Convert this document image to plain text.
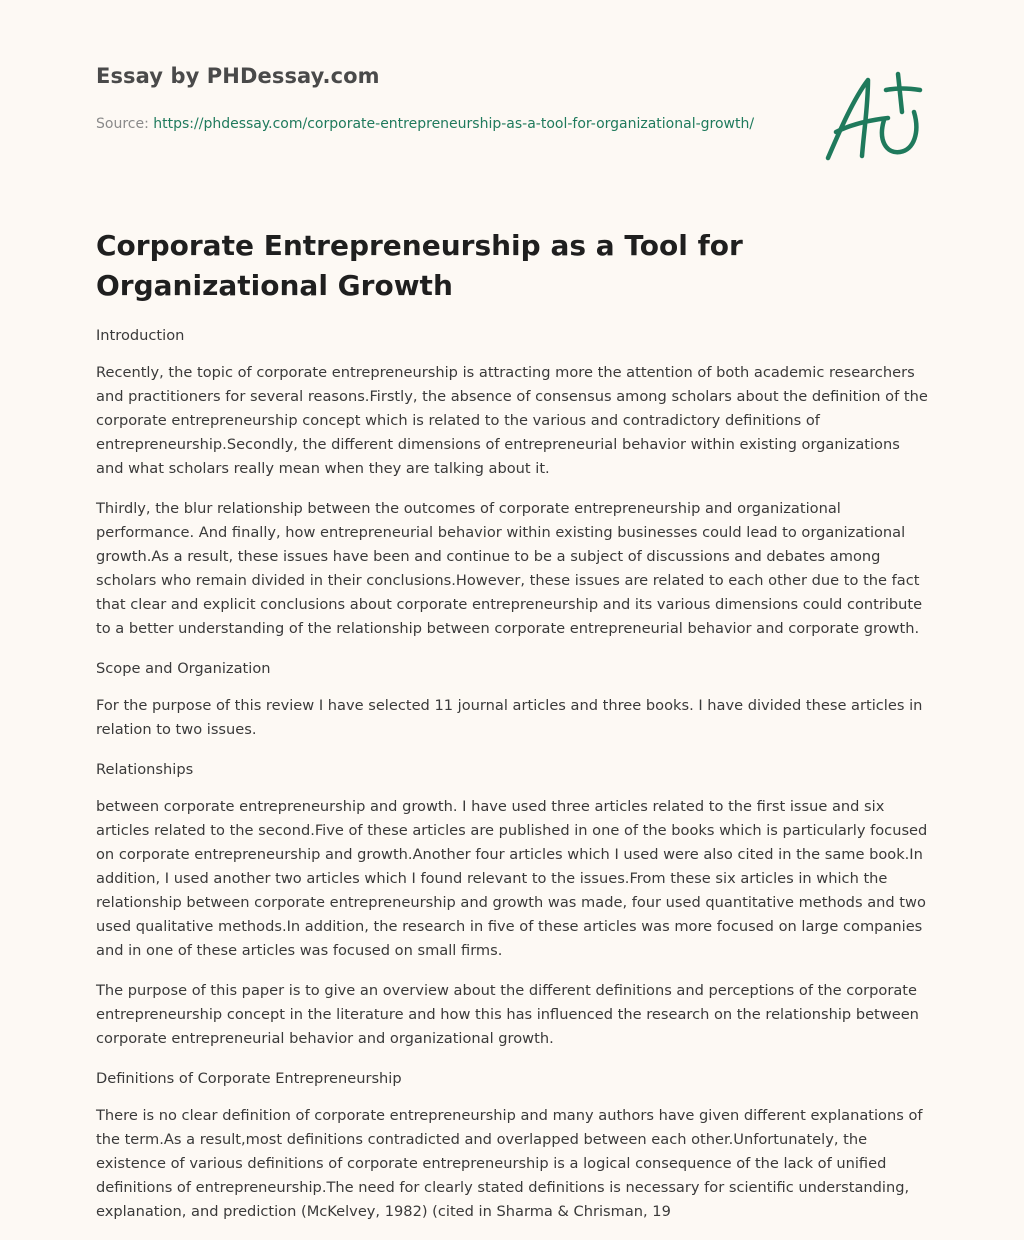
Essay by PHDessay.com
Source: https://phdessay.com/corporate-entrepreneurship-as-a-tool-for-organizational-growth/
Corporate Entrepreneurship as a Tool for Organizational Growth

Introduction

Recently, the topic of corporate entrepreneurship is attracting more the attention of both academic researchers and practitioners for several reasons.Firstly, the absence of consensus among scholars about the definition of the corporate entrepreneurship concept which is related to the various and contradictory definitions of entrepreneurship.Secondly, the different dimensions of entrepreneurial behavior within existing organizations and what scholars really mean when they are talking about it.

Thirdly, the blur relationship between the outcomes of corporate entrepreneurship and organizational performance. And finally, how entrepreneurial behavior within existing businesses could lead to organizational growth.As a result, these issues have been and continue to be a subject of discussions and debates among scholars who remain divided in their conclusions.However, these issues are related to each other due to the fact that clear and explicit conclusions about corporate entrepreneurship and its various dimensions could contribute to a better understanding of the relationship between corporate entrepreneurial behavior and corporate growth.

Scope and Organization

For the purpose of this review I have selected 11 journal articles and three books. I have divided these articles in relation to two issues.

Relationships

between corporate entrepreneurship and growth. I have used three articles related to the first issue and six articles related to the second.Five of these articles are published in one of the books which is particularly focused on corporate entrepreneurship and growth.Another four articles which I used were also cited in the same book.In addition, I used another two articles which I found relevant to the issues.From these six articles in which the relationship between corporate entrepreneurship and growth was made, four used quantitative methods and two used qualitative methods.In addition, the research in five of these articles was more focused on large companies and in one of these articles was focused on small firms.

The purpose of this paper is to give an overview about the different definitions and perceptions of the corporate entrepreneurship concept in the literature and how this has influenced the research on the relationship between corporate entrepreneurial behavior and organizational growth.

Definitions of Corporate Entrepreneurship

There is no clear definition of corporate entrepreneurship and many authors have given different explanations of the term.As a result,most definitions contradicted and overlapped between each other.Unfortunately, the existence of various definitions of corporate entrepreneurship is a logical consequence of the lack of unified definitions of entrepreneurship.The need for clearly stated definitions is necessary for scientific understanding, explanation, and prediction (McKelvey, 1982) (cited in Sharma & Chrisman, 19
